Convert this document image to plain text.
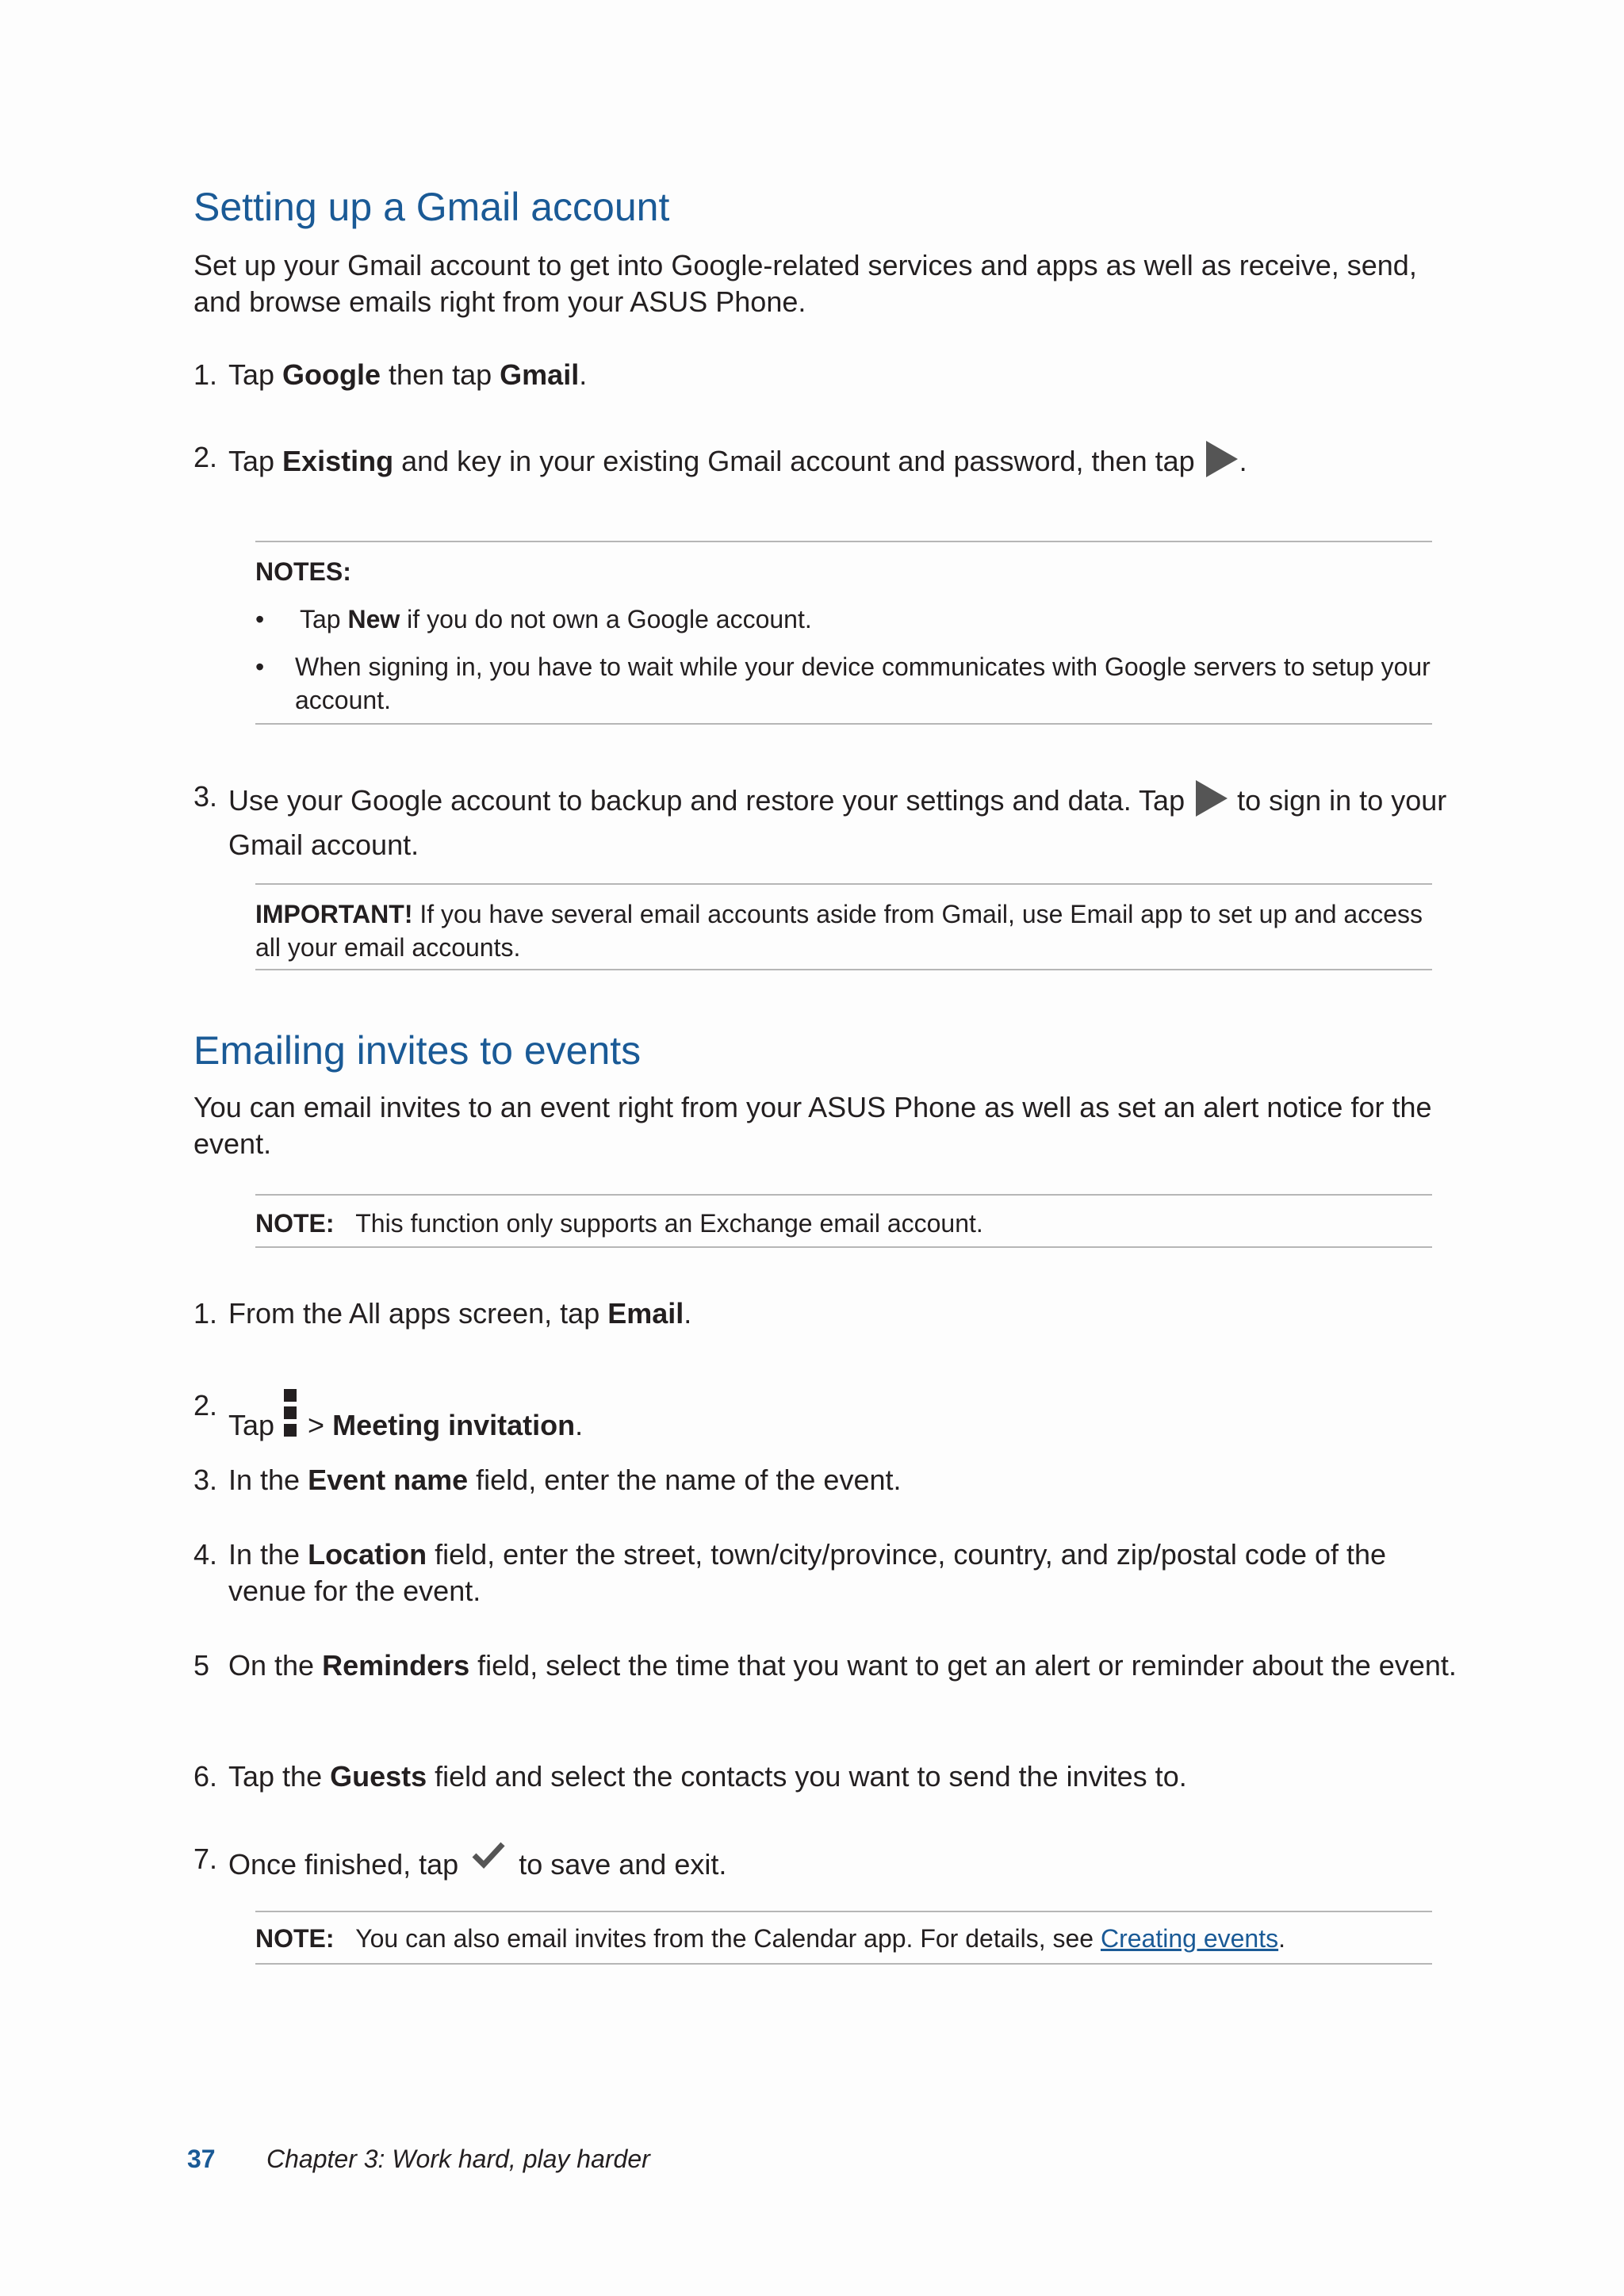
Setting up a Gmail account

Set up your Gmail account to get into Google-related services and apps as well as receive, send, and browse emails right from your ASUS Phone.

1. Tap Google then tap Gmail.
2. Tap Existing and key in your existing Gmail account and password, then tap .

NOTES:

• Tap New if you do not own a Google account.
• When signing in, you have to wait while your device communicates with Google servers to setup your account.
3. Use your Google account to backup and restore your settings and data. Tap  to sign in to your Gmail account.

IMPORTANT! If you have several email accounts aside from Gmail, use Email app to set up and access all your email accounts.

Emailing invites to events

You can email invites to an event right from your ASUS Phone as well as set an alert notice for the event.

NOTE: This function only supports an Exchange email account.

1. From the All apps screen, tap Email.
2.
Tap  > Meeting invitation.
3. In the Event name field, enter the name of the event.
4. In the Location field, enter the street, town/city/province, country, and zip/postal code of the venue for the event.
5 On the Reminders field, select the time that you want to get an alert or reminder about the event.
6. Tap the Guests field and select the contacts you want to send the invites to.
7. Once finished, tap  to save and exit.

NOTE: You can also email invites from the Calendar app. For details, see Creating events.

37 Chapter 3: Work hard, play harder
